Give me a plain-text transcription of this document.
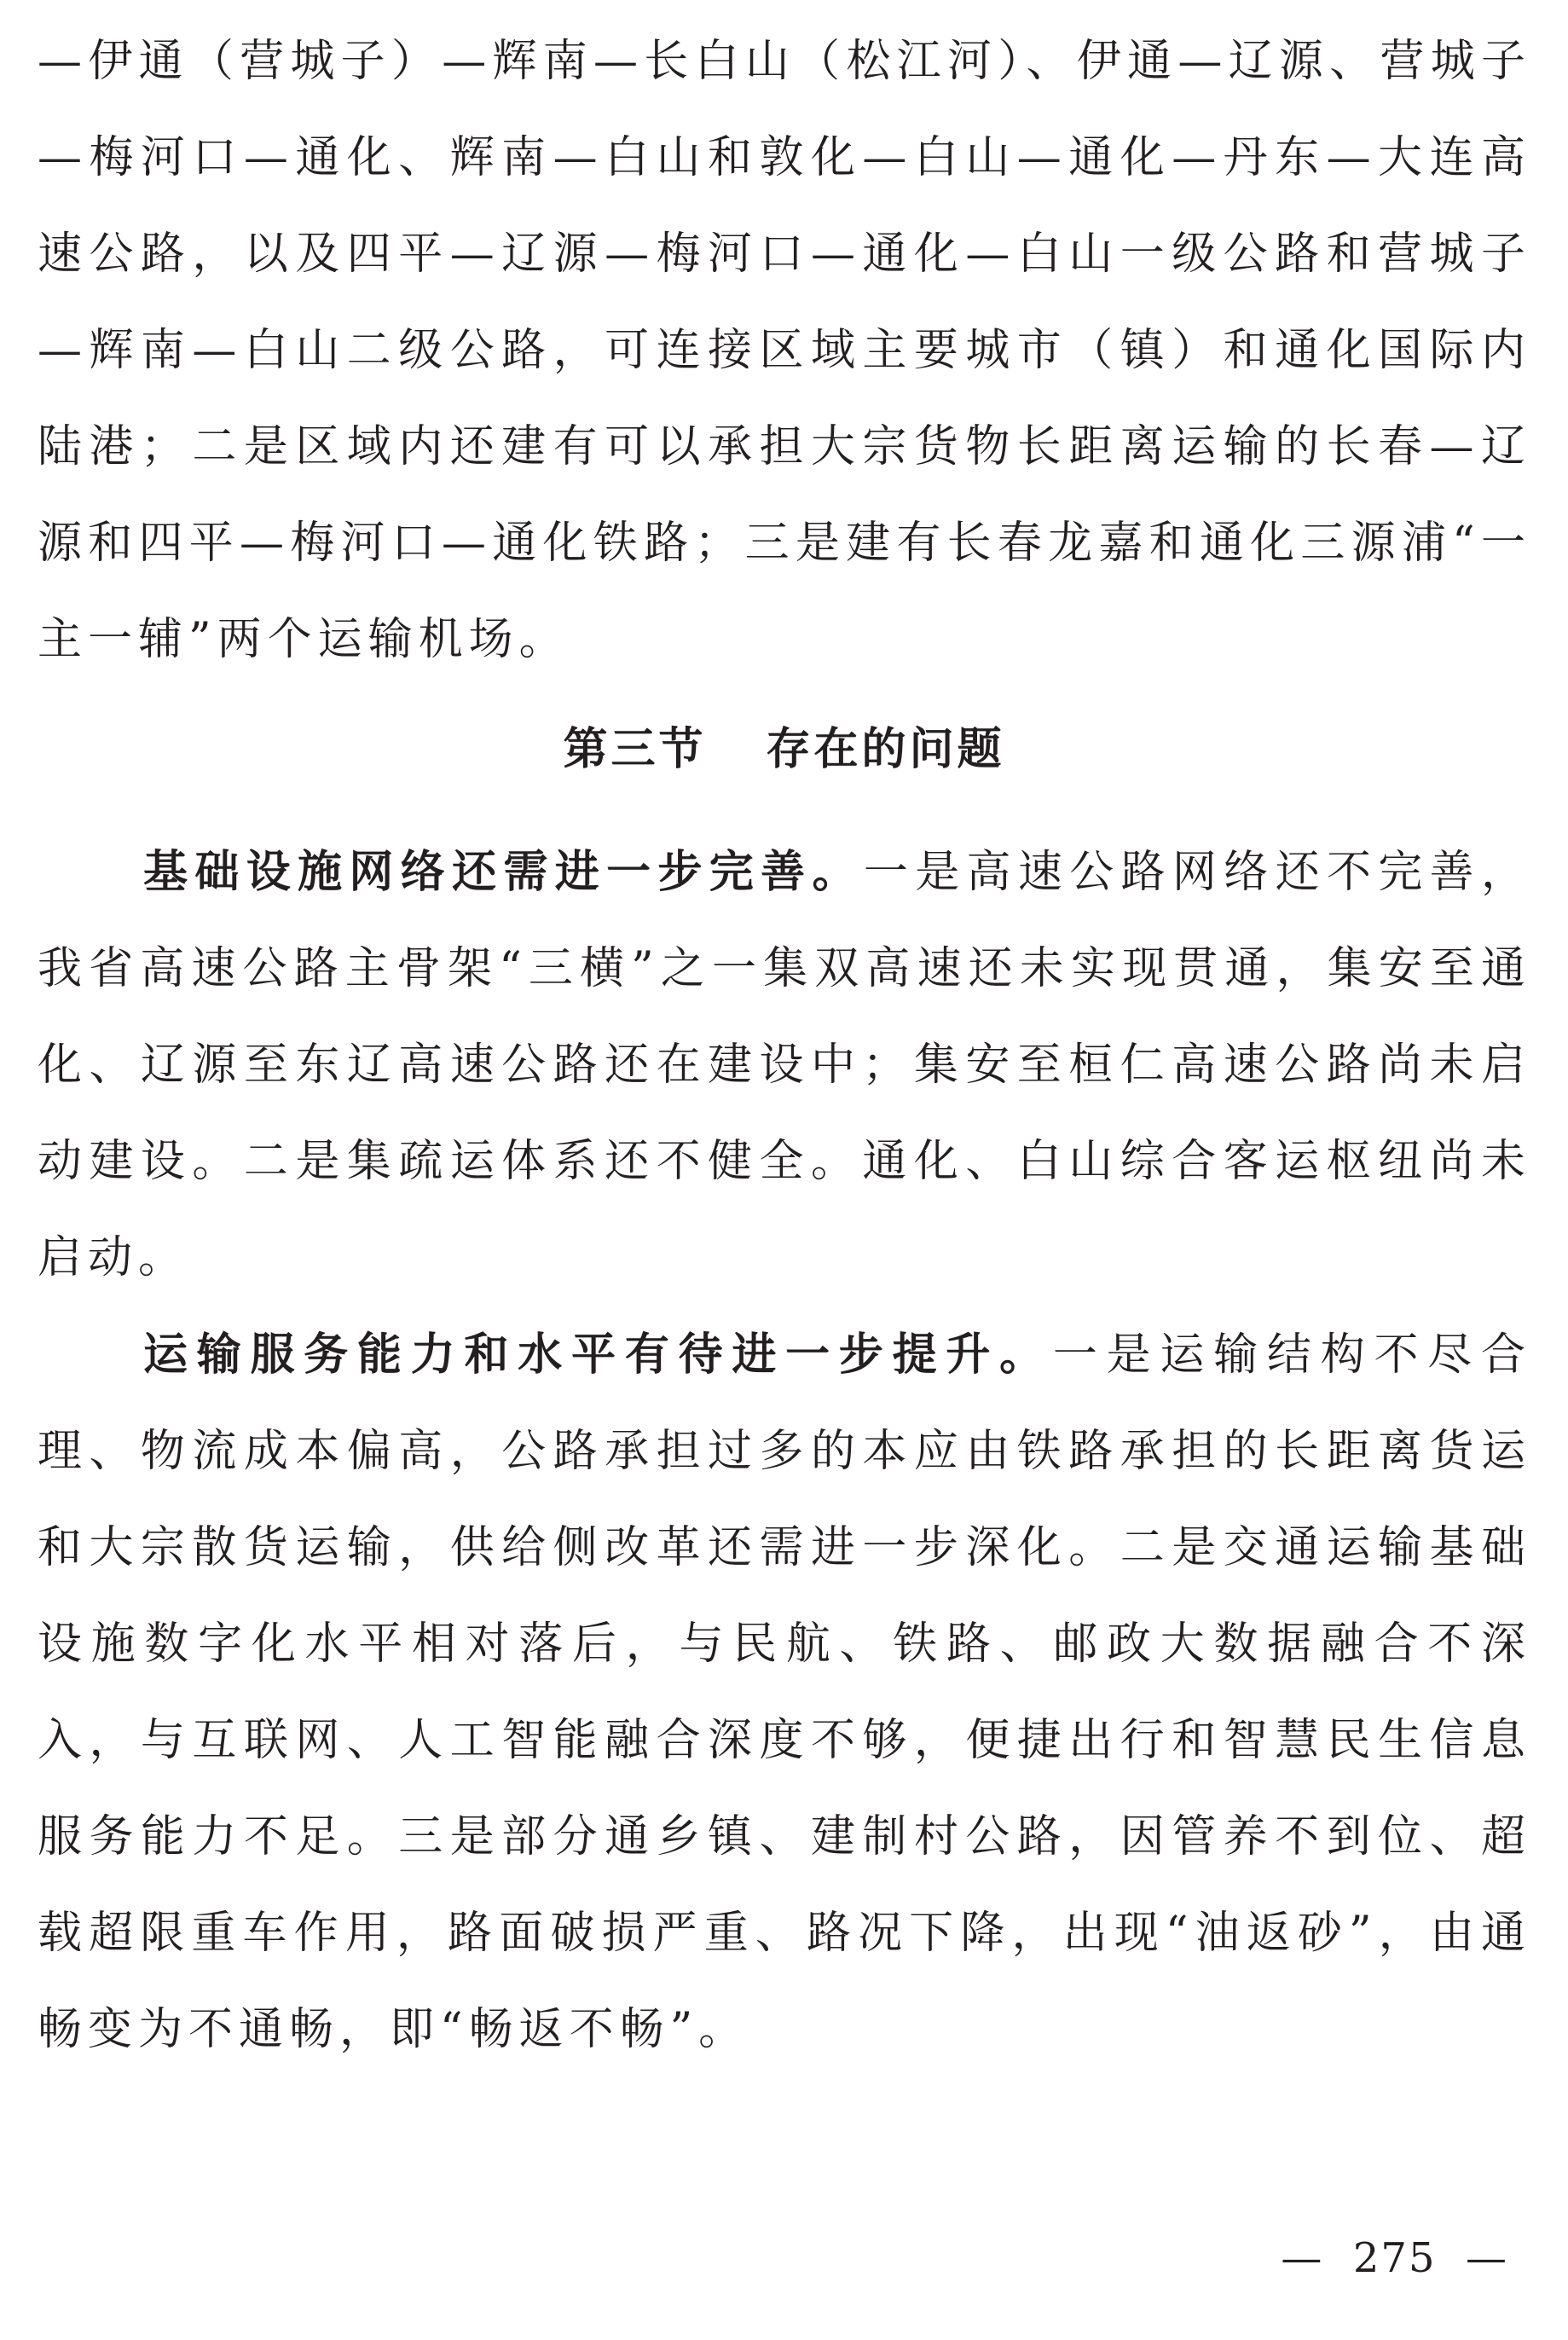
—伊通（营城子）—辉南—长白山（松江河）、伊通—辽源、营城子—梅河口—通化、辉南—白山和敦化—白山—通化—丹东—大连高速公路，以及四平—辽源—梅河口—通化—白山一级公路和营城子—辉南—白山二级公路，可连接区域主要城市（镇）和通化国际内陆港；二是区域内还建有可以承担大宗货物长距离运输的长春—辽源和四平—梅河口—通化铁路；三是建有长春龙嘉和通化三源浦“一主一辅”两个运输机场。

第三节 存在的问题

基础设施网络还需进一步完善。一是高速公路网络还不完善，我省高速公路主骨架“三横”之一集双高速还未实现贯通，集安至通化、辽源至东辽高速公路还在建设中；集安至桓仁高速公路尚未启动建设。二是集疏运体系还不健全。通化、白山综合客运枢纽尚未启动。

运输服务能力和水平有待进一步提升。一是运输结构不尽合理、物流成本偏高，公路承担过多的本应由铁路承担的长距离货运和大宗散货运输，供给侧改革还需进一步深化。二是交通运输基础设施数字化水平相对落后，与民航、铁路、邮政大数据融合不深入，与互联网、人工智能融合深度不够，便捷出行和智慧民生信息服务能力不足。三是部分通乡镇、建制村公路，因管养不到位、超载超限重车作用，路面破损严重、路况下降，出现“油返砂”，由通畅变为不通畅，即“畅返不畅”。

— 275 —
